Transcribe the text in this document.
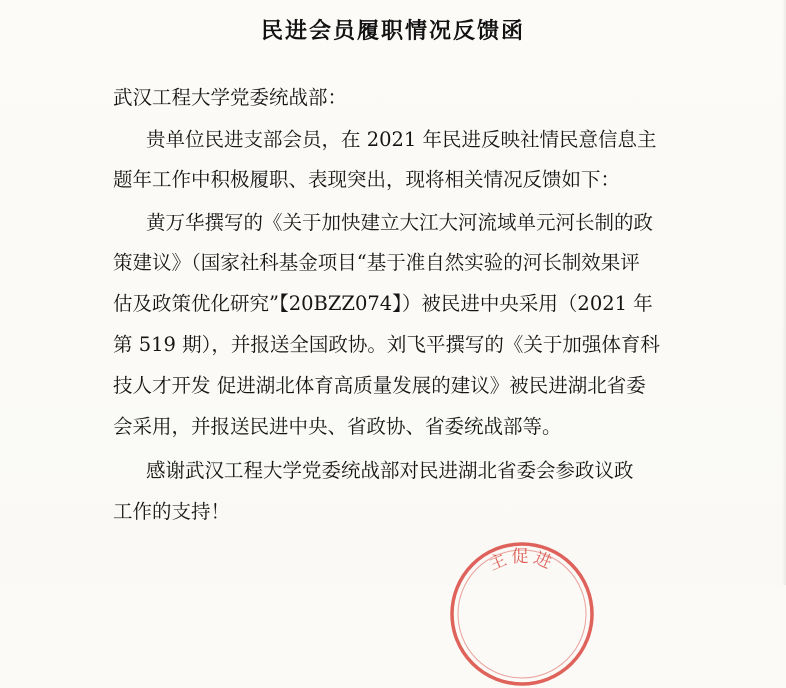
民进会员履职情况反馈函
武汉工程大学党委统战部：
贵单位民进支部会员，在 2021 年民进反映社情民意信息主
题年工作中积极履职、表现突出，现将相关情况反馈如下：
黄万华撰写的《关于加快建立大江大河流域单元河长制的政
策建议》（国家社科基金项目“基于准自然实验的河长制效果评
估及政策优化研究”【20BZZ074】）被民进中央采用（2021 年
第 519 期），并报送全国政协。刘飞平撰写的《关于加强体育科
技人才开发 促进湖北体育高质量发展的建议》被民进湖北省委
会采用，并报送民进中央、省政协、省委统战部等。
感谢武汉工程大学党委统战部对民进湖北省委会参政议政
工作的支持！
主促进
